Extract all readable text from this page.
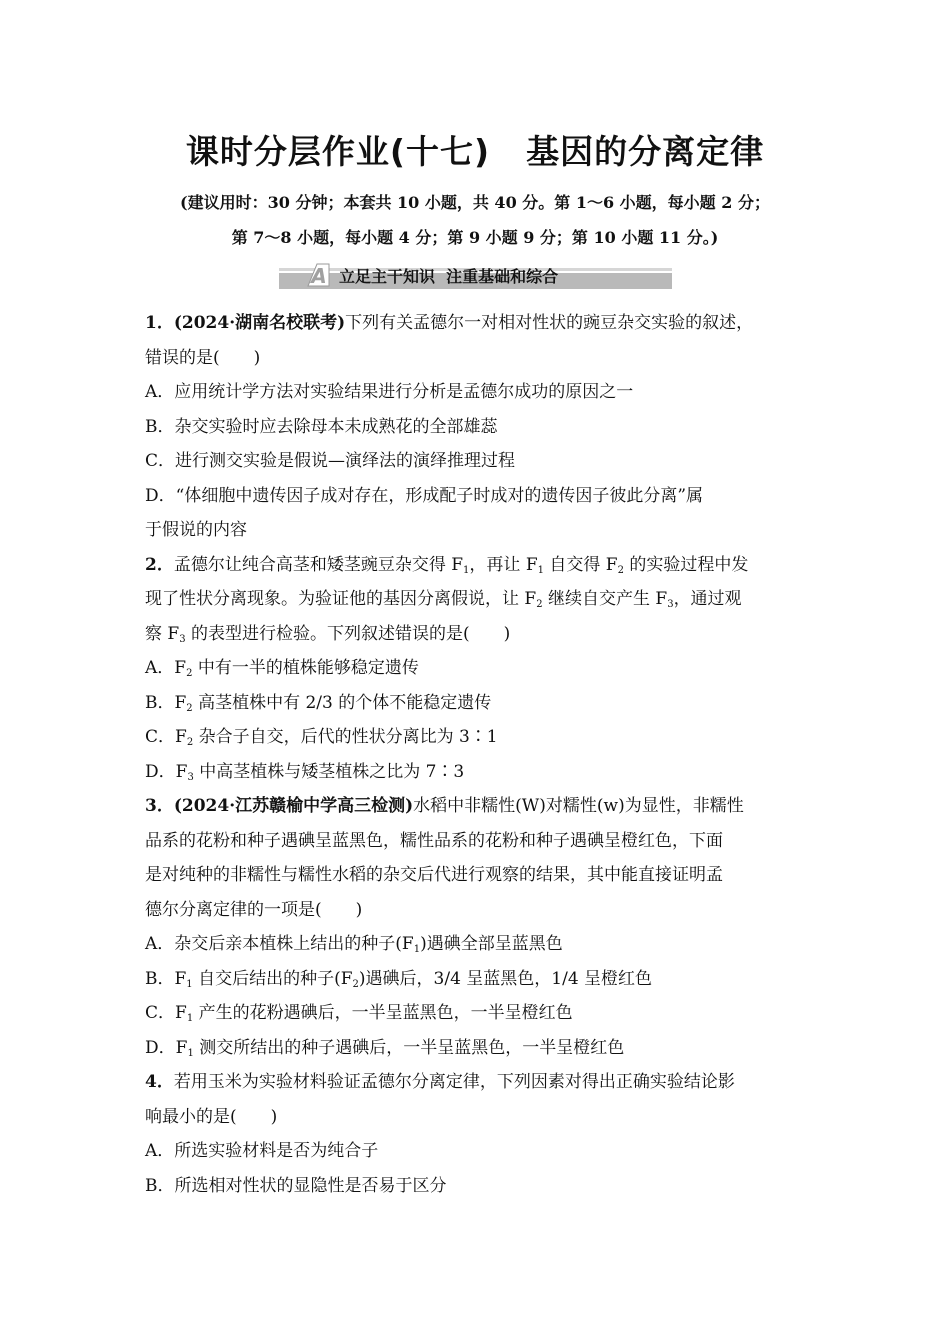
课时分层作业(十七) 基因的分离定律
(建议用时：30 分钟；本套共 10 小题，共 40 分。第 1～6 小题，每小题 2 分；
第 7～8 小题，每小题 4 分；第 9 小题 9 分；第 10 小题 11 分。)
A 立足主干知识  注重基础和综合
1．(2024·湖南名校联考)下列有关孟德尔一对相对性状的豌豆杂交实验的叙述，
错误的是(　　)
A．应用统计学方法对实验结果进行分析是孟德尔成功的原因之一
B．杂交实验时应去除母本未成熟花的全部雄蕊
C．进行测交实验是假说—演绎法的演绎推理过程
D．“体细胞中遗传因子成对存在，形成配子时成对的遗传因子彼此分离”属
于假说的内容
2．孟德尔让纯合高茎和矮茎豌豆杂交得 $F_1$，再让 $F_1$ 自交得 $F_2$ 的实验过程中发
现了性状分离现象。为验证他的基因分离假说，让 $F_2$ 继续自交产生 $F_3$，通过观
察 $F_3$ 的表型进行检验。下列叙述错误的是(　　)
A．$F_2$ 中有一半的植株能够稳定遗传
B．$F_2$ 高茎植株中有 2/3 的个体不能稳定遗传
C．$F_2$ 杂合子自交，后代的性状分离比为 3∶1
D．$F_3$ 中高茎植株与矮茎植株之比为 7∶3
3．(2024·江苏赣榆中学高三检测)水稻中非糯性(W)对糯性(w)为显性，非糯性
品系的花粉和种子遇碘呈蓝黑色，糯性品系的花粉和种子遇碘呈橙红色，下面
是对纯种的非糯性与糯性水稻的杂交后代进行观察的结果，其中能直接证明孟
德尔分离定律的一项是(　　)
A．杂交后亲本植株上结出的种子$(F_1)$遇碘全部呈蓝黑色
B．$F_1$ 自交后结出的种子$(F_2)$遇碘后，3/4 呈蓝黑色，1/4 呈橙红色
C．$F_1$ 产生的花粉遇碘后，一半呈蓝黑色，一半呈橙红色
D．$F_1$ 测交所结出的种子遇碘后，一半呈蓝黑色，一半呈橙红色
4．若用玉米为实验材料验证孟德尔分离定律，下列因素对得出正确实验结论影
响最小的是(　　)
A．所选实验材料是否为纯合子
B．所选相对性状的显隐性是否易于区分
